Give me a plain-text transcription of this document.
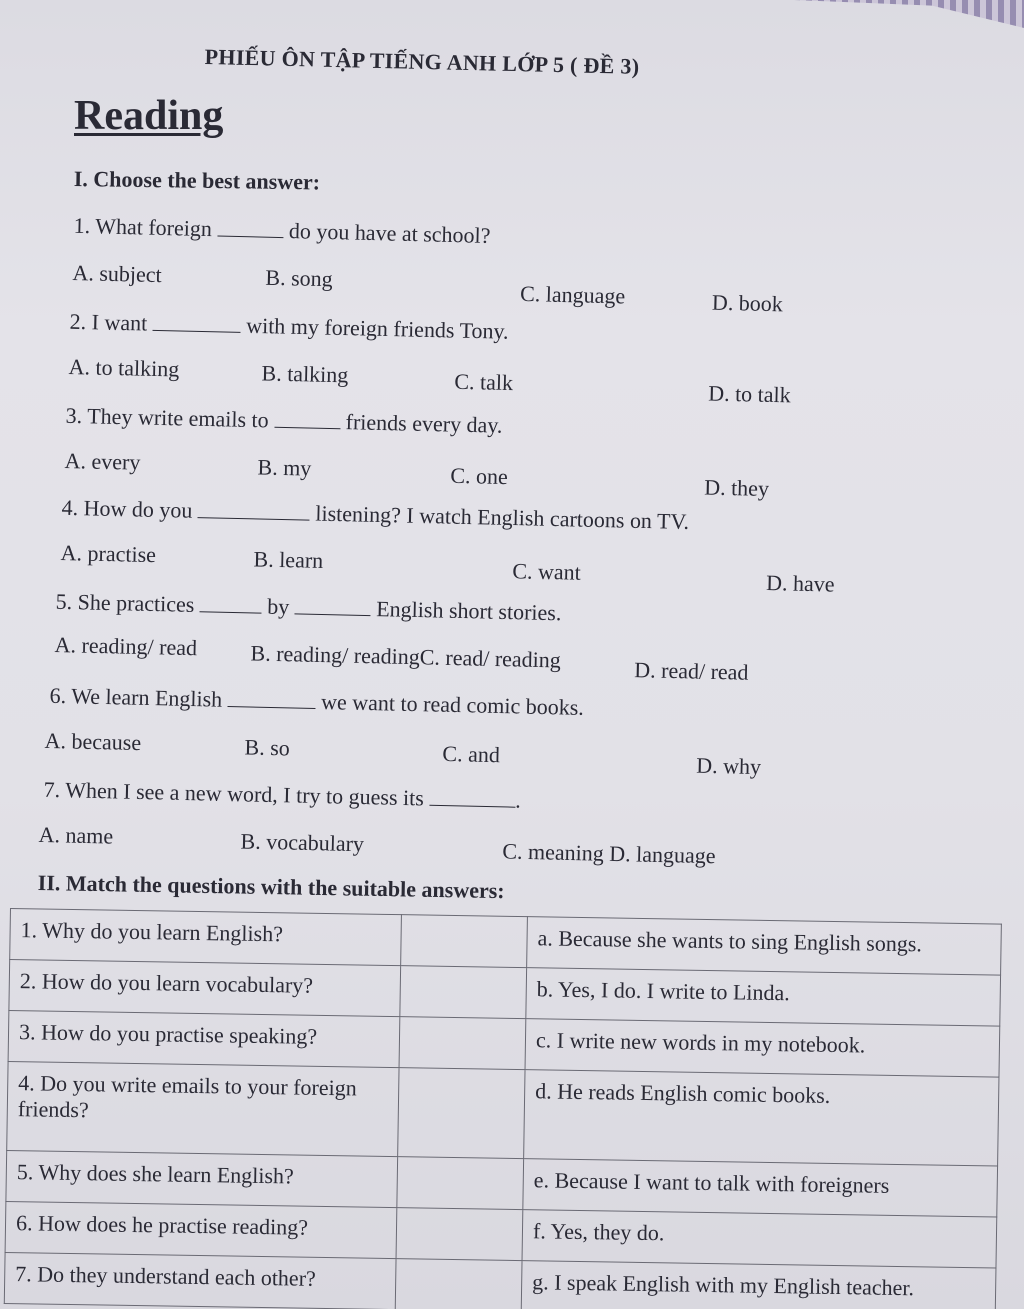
PHIẾU ÔN TẬP TIẾNG ANH LỚP 5 ( ĐỀ 3)
Reading
I. Choose the best answer:
1. What foreign	do you have at school?
A. subject	B. song
C. language	D. book
2. I want	with my foreign friends Tony.
A. to talking	B. talking	C. talk	D. to talk
3. They write emails to	friends every day.
A. every	B. my	C. one	D. they
4. How do you	listening? I watch English cartoons on TV.
A. practise	B. learn	C. want	D. have
5. She practices	by	English short stories.
A. reading/ read B. reading/ readingC. read/ reading	D. read/ read
6. We learn English	we want to read comic books.
A. because	B. so	C. and	D. why
7. When I see a new word, I try to guess its	.
A. name	B. vocabulary	C. meaning D. language
II. Match the questions with the suitable answers:
1. Why do you learn English?		a. Because she wants to sing English songs.
2. How do you learn vocabulary?		b. Yes, I do. I write to Linda.
3. How do you practise speaking?		c. I write new words in my notebook.
4. Do you write emails to your foreign friends?		d. He reads English comic books.
5. Why does she learn English?		e. Because I want to talk with foreigners
6. How does he practise reading?		f. Yes, they do.
7. Do they understand each other?		g. I speak English with my English teacher.
